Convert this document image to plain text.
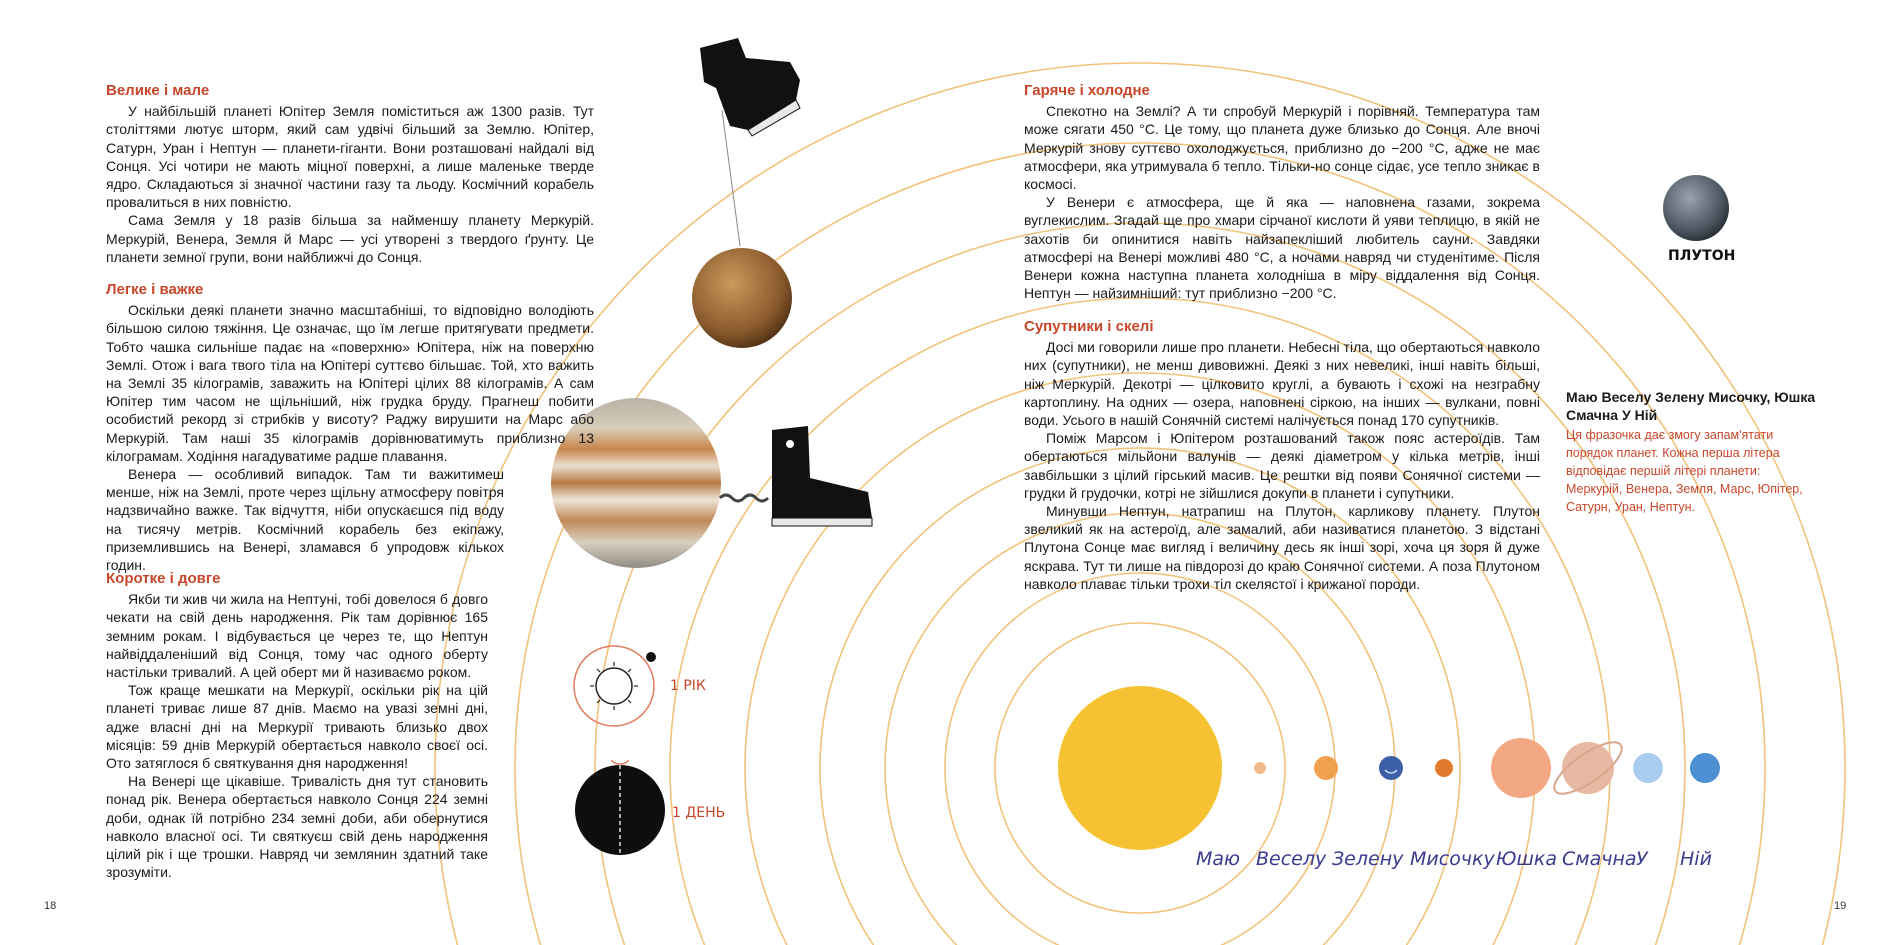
Велике і мале

У найбільшій планеті Юпітер Земля поміститься аж 1300 разів. Тут століттями лютує шторм, який сам удвічі більший за Землю. Юпітер, Сатурн, Уран і Нептун — планети-гіганти. Вони розташовані найдалі від Сонця. Усі чотири не мають міцної поверхні, а лише маленьке тверде ядро. Складаються зі значної частини газу та льоду. Космічний корабель провалиться в них повністю.

Сама Земля у 18 разів більша за найменшу планету Меркурій. Меркурій, Венера, Земля й Марс — усі утворені з твердого ґрунту. Це планети земної групи, вони найближчі до Сонця.

Легке і важке

Оскільки деякі планети значно масштабніші, то відповідно володіють більшою силою тяжіння. Це означає, що їм легше притягувати предмети. Тобто чашка сильніше падає на «поверхню» Юпітера, ніж на поверхню Землі. Отож і вага твого тіла на Юпітері суттєво більшає. Той, хто важить на Землі 35 кілограмів, заважить на Юпітері цілих 88 кілограмів. А сам Юпітер тим часом не щільніший, ніж грудка бруду. Прагнеш побити особистий рекорд зі стрибків у висоту? Раджу вирушити на Марс або Меркурій. Там наші 35 кілограмів дорівнюватимуть приблизно 13 кілограмам. Ходіння нагадуватиме радше плавання.

Венера — особливий випадок. Там ти важитимеш менше, ніж на Землі, проте через щільну атмосферу повітря надзвичайно важке. Так відчуття, ніби опускаєшся під воду на тисячу метрів. Космічний корабель без екіпажу, приземлившись на Венері, зламався б упродовж кількох годин.

Коротке і довге

Якби ти жив чи жила на Нептуні, тобі довелося б довго чекати на свій день народження. Рік там дорівнює 165 земним рокам. І відбувається це через те, що Нептун найвіддаленіший від Сонця, тому час одного оберту настільки тривалий. А цей оберт ми й називаємо роком.

Тож краще мешкати на Меркурії, оскільки рік на цій планеті триває лише 87 днів. Маємо на увазі земні дні, адже власні дні на Меркурії тривають близько двох місяців: 59 днів Меркурій обертається навколо своєї осі. Ото затяглося б святкування дня народження!

На Венері ще цікавіше. Тривалість дня тут становить понад рік. Венера обертається навколо Сонця 224 земні доби, однак їй потрібно 234 земні доби, аби обернутися навколо власної осі. Ти святкуєш свій день народження цілий рік і ще трошки. Навряд чи землянин здатний таке зрозуміти.

Гаряче і холодне

Спекотно на Землі? А ти спробуй Меркурій і порівняй. Температура там може сягати 450 °C. Це тому, що планета дуже близько до Сонця. Але вночі Меркурій знову суттєво охолоджується, приблизно до −200 °C, адже не має атмосфери, яка утримувала б тепло. Тільки-но сонце сідає, усе тепло зникає в космосі.

У Венери є атмосфера, ще й яка — наповнена газами, зокрема вуглекислим. Згадай ще про хмари сірчаної кислоти й уяви теплицю, в якій не захотів би опинитися навіть найзапекліший любитель сауни. Завдяки атмосфері на Венері можливі 480 °C, а ночами навряд чи студенітиме. Після Венери кожна наступна планета холодніша в міру віддалення від Сонця. Нептун — найзимніший: тут приблизно −200 °C.

Супутники і скелі

Досі ми говорили лише про планети. Небесні тіла, що обертаються навколо них (супутники), не менш дивовижні. Деякі з них невеликі, інші навіть більші, ніж Меркурій. Декотрі — цілковито круглі, а бувають і схожі на незграбну картоплину. На одних — озера, наповнені сіркою, на інших — вулкани, повні води. Усього в нашій Сонячній системі налічується понад 170 супутників.

Поміж Марсом і Юпітером розташований також пояс астероїдів. Там обертаються мільйони валунів — деякі діаметром у кілька метрів, інші завбільшки з цілий гірський масив. Це рештки від появи Сонячної системи — грудки й грудочки, котрі не зійшлися докупи в планети і супутники.

Минувши Нептун, натрапиш на Плутон, карликову планету. Плутон звеликий як на астероїд, але замалий, аби називатися планетою. З відстані Плутона Сонце має вигляд і величину десь як інші зорі, хоча ця зоря й дуже яскрава. Тут ти лише на півдорозі до краю Сонячної системи. А поза Плутоном навколо плаває тільки трохи тіл скелястої і крижаної породи.

Маю Веселу Зелену Мисочку, Юшка Смачна У Ній
Ця фразочка дає змогу запам'ятати порядок планет. Кожна перша літера відповідає першій літері планети: Меркурій, Венера, Земля, Марс, Юпітер, Сатурн, Уран, Нептун.
ПЛУТОН
1 РІК
1 ДЕНЬ
Маю Веселу Зелену Мисочку Юшка Смачна У Ній
18	19
